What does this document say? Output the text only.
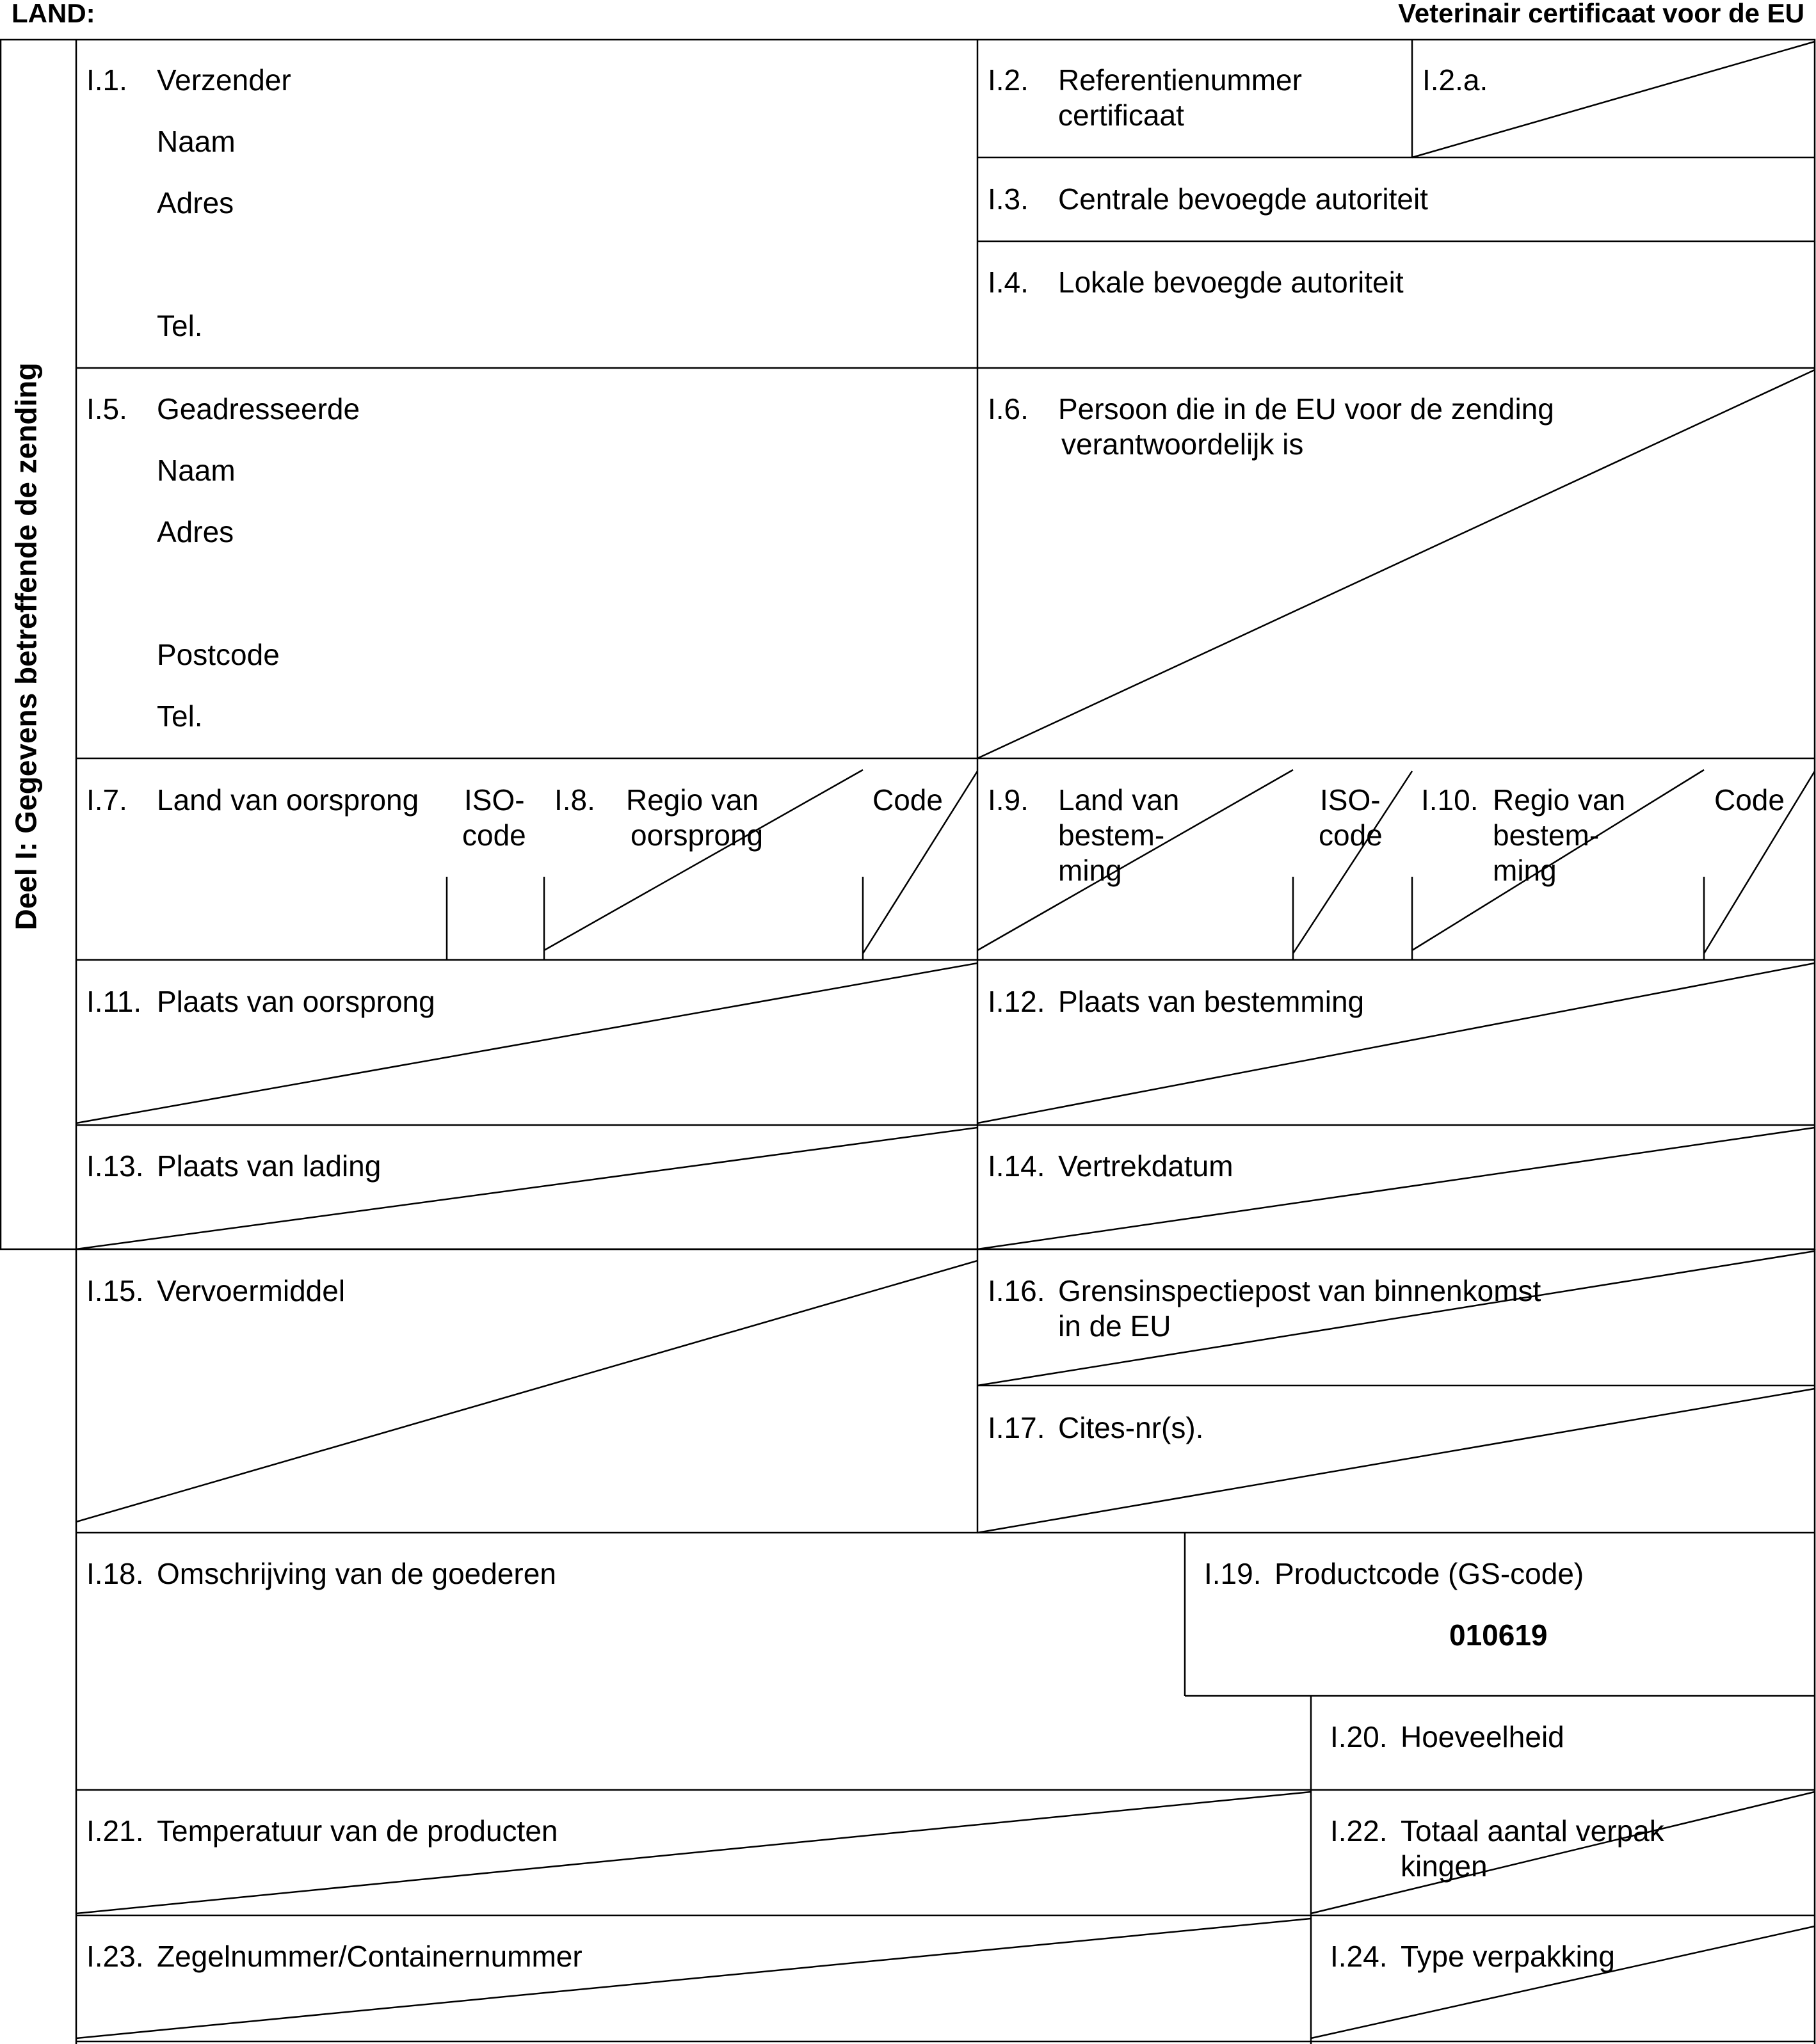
LAND:	Veterinair certificaat voor de EU
Deel I: Gegevens betreffende de zending
I.1. Verzender
Naam
Adres
Tel.
I.2. Referentienummer
certificaat
I.2.a.
I.3. Centrale bevoegde autoriteit
I.4. Lokale bevoegde autoriteit
I.5. Geadresseerde
Naam
Adres
Postcode
Tel.
I.6. Persoon die in de EU voor de zending
verantwoordelijk is
I.7. Land van oorsprong ISO-
code
I.8. Regio van
oorsprong
Code I.9. Land van
bestem-
ming
ISO-
code
I.10. Regio van
bestem-
ming
Code
I.11. Plaats van oorsprong	I.12. Plaats van bestemming
I.13. Plaats van lading	I.14. Vertrekdatum
I.15. Vervoermiddel	I.16. Grensinspectiepost van binnenkomst
in de EU
I.17. Cites-nr(s).
I.18. Omschrijving van de goederen	I.19. Productcode (GS-code)
010619
I.20. Hoeveelheid
I.21. Temperatuur van de producten	I.22. Totaal aantal verpak
kingen
I.23. Zegelnummer/Containernummer	I.24. Type verpakking
